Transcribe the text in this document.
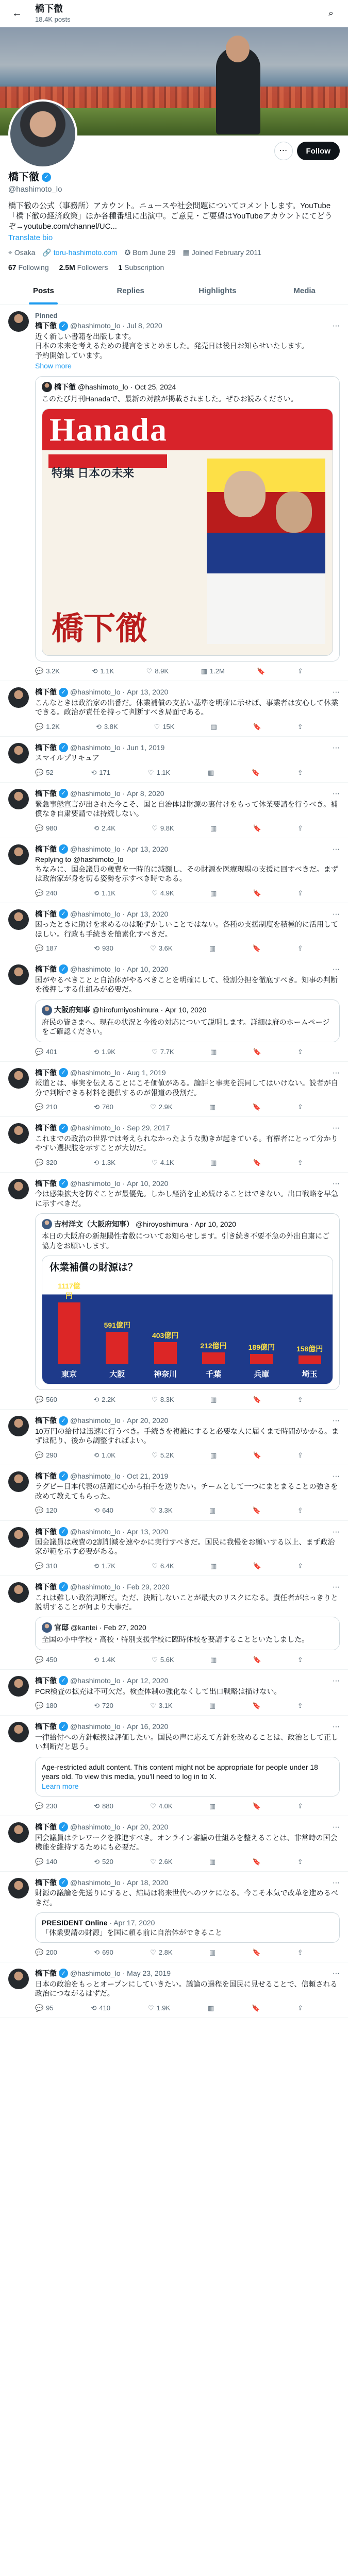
←	橋下徹
18.4K posts
⌕
⋯	Follow
橋下徹 ✓
@hashimoto_lo
橋下徹の公式（事務所）アカウント。ニュースや社会問題についてコメントします。YouTube「橋下徹の経済政策」ほか各種番組に出演中。ご意見・ご要望はYouTubeアカウントにてどうぞ→youtube.com/channel/UC...
Translate bio
⌖ Osaka 🔗 toru-hashimoto.com ✪ Born June 29 ▦ Joined February 2011
67 Following 2.5M Followers 1 Subscription
Posts	Replies	Highlights	Media
Pinned
橋下徹 ✓ @hashimoto_lo · Jul 8, 2020	⋯
近く新しい書籍を出版します。
日本の未来を考えるための提言をまとめました。発売日は後日お知らせいたします。
予約開始しています。
Show more
橋下徹 @hashimoto_lo · Oct 25, 2024
このたび月刊Hanadaで、最新の対談が掲載されました。ぜひお読みください。
Hanada
特集 日本の未来
橋下徹
💬 3.2K	⟲ 1.1K	♡ 8.9K	▥ 1.2M	🔖	⇪
橋下徹 ✓ @hashimoto_lo · Apr 13, 2020	⋯
こんなときは政治家の出番だ。休業補償の支払い基準を明確に示せば、事業者は安心して休業できる。政治が責任を持って判断すべき局面である。
💬 1.2K	⟲ 3.8K	♡ 15K	▥	🔖	⇪
橋下徹 ✓ @hashimoto_lo · Jun 1, 2019	⋯
スマイルプリキュア
💬 52	⟲ 171	♡ 1.1K	▥	🔖	⇪
橋下徹 ✓ @hashimoto_lo · Apr 8, 2020	⋯
緊急事態宣言が出された今こそ、国と自治体は財源の裏付けをもって休業要請を行うべき。補償なき自粛要請では持続しない。
💬 980	⟲ 2.4K	♡ 9.8K	▥	🔖	⇪
橋下徹 ✓ @hashimoto_lo · Apr 13, 2020	⋯
Replying to @hashimoto_lo
ちなみに、国会議員の歳費を一時的に減額し、その財源を医療現場の支援に回すべきだ。まずは政治家が身を切る姿勢を示すべき時である。
💬 240	⟲ 1.1K	♡ 4.9K	▥	🔖	⇪
橋下徹 ✓ @hashimoto_lo · Apr 13, 2020	⋯
困ったときに助けを求めるのは恥ずかしいことではない。各種の支援制度を積極的に活用してほしい。行政も手続きを簡素化すべきだ。
💬 187	⟲ 930	♡ 3.6K	▥	🔖	⇪
橋下徹 ✓ @hashimoto_lo · Apr 10, 2020	⋯
国がやるべきことと自治体がやるべきことを明確にして、役割分担を徹底すべき。知事の判断を後押しする仕組みが必要だ。
大阪府知事 @hirofumiyoshimura · Apr 10, 2020
府民の皆さまへ。現在の状況と今後の対応について説明します。詳細は府のホームページをご確認ください。
💬 401	⟲ 1.9K	♡ 7.7K	▥	🔖	⇪
橋下徹 ✓ @hashimoto_lo · Aug 1, 2019	⋯
報道とは、事実を伝えることにこそ価値がある。論評と事実を混同してはいけない。読者が自分で判断できる材料を提供するのが報道の役割だ。
💬 210	⟲ 760	♡ 2.9K	▥	🔖	⇪
橋下徹 ✓ @hashimoto_lo · Sep 29, 2017	⋯
これまでの政治の世界では考えられなかったような動きが起きている。有権者にとって分かりやすい選択肢を示すことが大切だ。
💬 320	⟲ 1.3K	♡ 4.1K	▥	🔖	⇪
橋下徹 ✓ @hashimoto_lo · Apr 10, 2020	⋯
今は感染拡大を防ぐことが最優先。しかし経済を止め続けることはできない。出口戦略を早急に示すべきだ。
吉村洋文（大阪府知事） @hiroyoshimura · Apr 10, 2020
本日の大阪府の新規陽性者数についてお知らせします。引き続き不要不急の外出自粛にご協力をお願いします。
休業補償の財源は？
1117億円
東京
591億円
大阪
403億円
神奈川
212億円
千葉
189億円
兵庫
158億円
埼玉
💬 560	⟲ 2.2K	♡ 8.3K	▥	🔖	⇪
橋下徹 ✓ @hashimoto_lo · Apr 20, 2020	⋯
10万円の給付は迅速に行うべき。手続きを複雑にすると必要な人に届くまで時間がかかる。まずは配り、後から調整すればよい。
💬 290	⟲ 1.0K	♡ 5.2K	▥	🔖	⇪
橋下徹 ✓ @hashimoto_lo · Oct 21, 2019	⋯
ラグビー日本代表の活躍に心から拍手を送りたい。チームとして一つにまとまることの強さを改めて教えてもらった。
💬 120	⟲ 640	♡ 3.3K	▥	🔖	⇪
橋下徹 ✓ @hashimoto_lo · Apr 13, 2020	⋯
国会議員は歳費の2割削減を速やかに実行すべきだ。国民に我慢をお願いする以上、まず政治家が範を示す必要がある。
💬 310	⟲ 1.7K	♡ 6.4K	▥	🔖	⇪
橋下徹 ✓ @hashimoto_lo · Feb 29, 2020	⋯
これは難しい政治判断だ。ただ、決断しないことが最大のリスクになる。責任者がはっきりと説明することが何より大事だ。
官邸 @kantei · Feb 27, 2020
全国の小中学校・高校・特別支援学校に臨時休校を要請することといたしました。
💬 450	⟲ 1.4K	♡ 5.6K	▥	🔖	⇪
橋下徹 ✓ @hashimoto_lo · Apr 12, 2020	⋯
PCR検査の拡充は不可欠だ。検査体制の強化なくして出口戦略は描けない。
💬 180	⟲ 720	♡ 3.1K	▥	🔖	⇪
橋下徹 ✓ @hashimoto_lo · Apr 16, 2020	⋯
一律給付への方針転換は評価したい。国民の声に応えて方針を改めることは、政治として正しい判断だと思う。
Age-restricted adult content. This content might not be appropriate for people under 18 years old. To view this media, you'll need to log in to X.
Learn more
💬 230	⟲ 880	♡ 4.0K	▥	🔖	⇪
橋下徹 ✓ @hashimoto_lo · Apr 20, 2020	⋯
国会議員はテレワークを推進すべき。オンライン審議の仕組みを整えることは、非常時の国会機能を維持するためにも必要だ。
💬 140	⟲ 520	♡ 2.6K	▥	🔖	⇪
橋下徹 ✓ @hashimoto_lo · Apr 18, 2020	⋯
財源の議論を先送りにすると、結局は将来世代へのツケになる。今こそ本気で改革を進めるべきだ。
PRESIDENT Online · Apr 17, 2020
「休業要請の財源」を国に頼る前に自治体ができること
💬 200	⟲ 690	♡ 2.8K	▥	🔖	⇪
橋下徹 ✓ @hashimoto_lo · May 23, 2019	⋯
日本の政治をもっとオープンにしていきたい。議論の過程を国民に見せることで、信頼される政治につながるはずだ。
💬 95	⟲ 410	♡ 1.9K	▥	🔖	⇪
